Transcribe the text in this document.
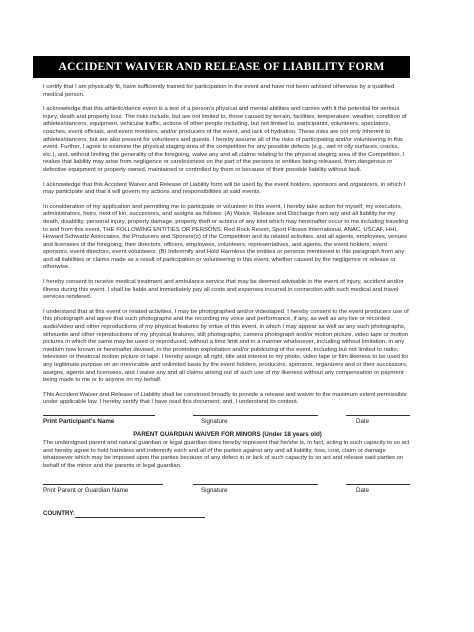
ACCIDENT WAIVER AND RELEASE OF LIABILITY FORM

I certify that I am physically fit, have sufficiently trained for participation in the event and have not been advised otherwise by a qualified medical person.

I acknowledge that this athletic/dance event is a test of a person's physical and mental abilities and carries with it the potential for serious injury, death and property loss. The risks include, but are not limited to, those caused by terrain, facilities, temperature, weather, condition of athletes/dancers, equipment, vehicular traffic, actions of other people including, but not limited to, participants, volunteers, spectators, coaches, event officials, and event monitors, and/or producers of the event, and lack of hydration. These risks are not only inherent to athletes/dancers, but are also present for volunteers and guests. I hereby assume all of the risks of participating and/or volunteering in this event. Further, I agree to examine the physical staging area of the competition for any possible defects (e.g., wet or oily surfaces, cracks, etc.), and, without limiting the generality of the foregoing, waive any and all claims relating to the physical staging area of the Competition. I realize that liability may arise from negligence or carelessness on the part of the persons or entities being released, from dangerous or defective equipment or property owned, maintained or controlled by them or because of their possible liability without fault.

I acknowledge that this Accident Waiver and Release of Liability form will be used by the event holders, sponsors and organizers, in which I may participate and that it will govern my actions and responsibilities at said events.

In consideration of my application and permitting me to participate or volunteer in this event, I hereby take action for myself, my executors, administrators, heirs, next of kin, successors, and assigns as follows: (A) Waive, Release and Discharge from any and all liability for my death, disability, personal injury, property damage, property theft or actions of any kind which may hereinafter occur to me including traveling to and from this event, THE FOLLOWING ENTITIES OR PERSONS: Red Rock Resort, Sport Fitness International, ANAC, USCAF, HHI, Howard Schwartz Associates, the Producers and Sponsor(s) of the Competition and its related activities, and all agents, employees, venues and licensees of the foregoing, their directors, officers, employees, volunteers, representatives, and agents, the event holders, event sponsors, event directors, event volunteers; (B) Indemnify and Hold Harmless the entities or persons mentioned in this paragraph from any and all liabilities or claims made as a result of participation or volunteering in this event, whether caused by the negligence or release or otherwise.

I hereby consent to receive medical treatment and ambulance service that may be deemed advisable in the event of injury, accident and/or illness during this event. I shall be liable and immediately pay all costs and expenses incurred in connection with such medical and travel services rendered.

I understand that at this event or related activities, I may be photographed and/or videotaped. I hereby consent to the event producers use of this photograph and agree that such photographs and the recording my voice and performance, if any, as well as any live or recorded audio/video and other reproductions of my physical features by virtue of this event, in which I may appear as well as any such photographs, silhouette and other reproductions of my physical features, still photographs, camera photograph and/or motion picture, video tape or motion pictures in which the same may be used or reproduced, without a time limit and in a manner whatsoever, including without limitation, in any medium now known or hereinafter devised, in the promotion exploitation and/or publicizing of the event, including but not limited to radio, television or theatrical motion picture or tape. I hereby assign all right, title and interest to my photo, video tape or film likeness to be used for any legitimate purpose on an irrevocable and unlimited basis by the event holders, producers, sponsors, organizers and or their successors, assigns, agents and licensees, and I waive any and all claims arising out of such use of my likeness without any compensation or payment being made to me or to anyone on my behalf.

This Accident Waiver and Release of Liability shall be construed broadly to provide a release and waiver to the maximum extent permissible under applicable law. I hereby certify that I have read this document; and, I understand its content.

Print Participant's Name	Signature	Date
PARENT GUARDIAN WAIVER FOR MINORS (Under 18 years old)

The undersigned parent and natural guardian or legal guardian does hereby represent that he/she is, in fact, acting in such capacity to so act and hereby agree to hold harmless and indemnify each and all of the parties against any and all liability, loss, cost, claim or damage whatsoever which may be imposed upon the parties because of any defect in or lack of such capacity to so act and release said parties on behalf of the minor and the parents or legal guardian.

Print Parent or Guardian Name	Signature	Date
COUNTRY:
